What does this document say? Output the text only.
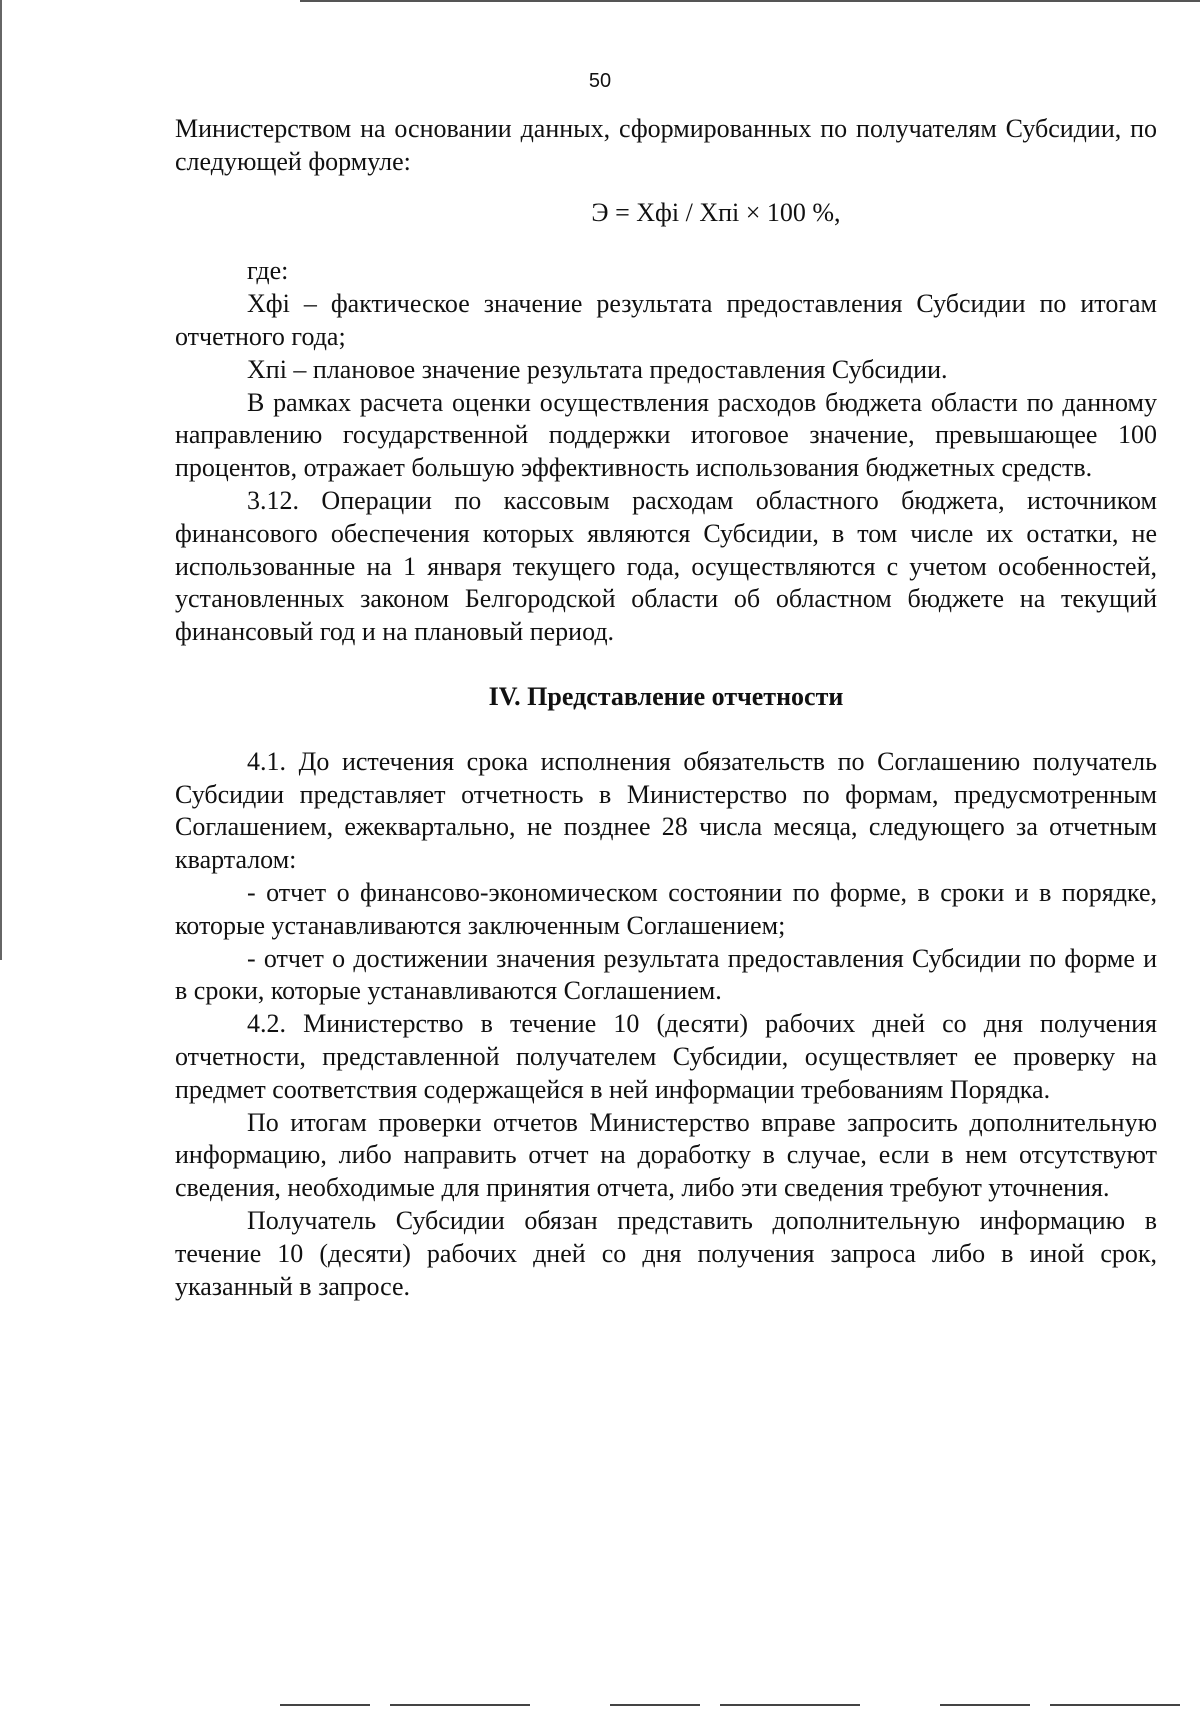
50

Министерством на основании данных, сформированных по получателям Субсидии, по следующей формуле:

Э = Хфi / Хпi × 100 %,

где:

Хфi – фактическое значение результата предоставления Субсидии по итогам отчетного года;

Хпi – плановое значение результата предоставления Субсидии.

В рамках расчета оценки осуществления расходов бюджета области по данному направлению государственной поддержки итоговое значение, превышающее 100 процентов, отражает большую эффективность использования бюджетных средств.

3.12. Операции по кассовым расходам областного бюджета, источником финансового обеспечения которых являются Субсидии, в том числе их остатки, не использованные на 1 января текущего года, осуществляются с учетом особенностей, установленных законом Белгородской области об областном бюджете на текущий финансовый год и на плановый период.

IV. Представление отчетности

4.1. До истечения срока исполнения обязательств по Соглашению получатель Субсидии представляет отчетность в Министерство по формам, предусмотренным Соглашением, ежеквартально, не позднее 28 числа месяца, следующего за отчетным кварталом:

- отчет о финансово-экономическом состоянии по форме, в сроки и в порядке, которые устанавливаются заключенным Соглашением;

- отчет о достижении значения результата предоставления Субсидии по форме и в сроки, которые устанавливаются Соглашением.

4.2. Министерство в течение 10 (десяти) рабочих дней со дня получения отчетности, представленной получателем Субсидии, осуществляет ее проверку на предмет соответствия содержащейся в ней информации требованиям Порядка.

По итогам проверки отчетов Министерство вправе запросить дополнительную информацию, либо направить отчет на доработку в случае, если в нем отсутствуют сведения, необходимые для принятия отчета, либо эти сведения требуют уточнения.

Получатель Субсидии обязан представить дополнительную информацию в течение 10 (десяти) рабочих дней со дня получения запроса либо в иной срок, указанный в запросе.
